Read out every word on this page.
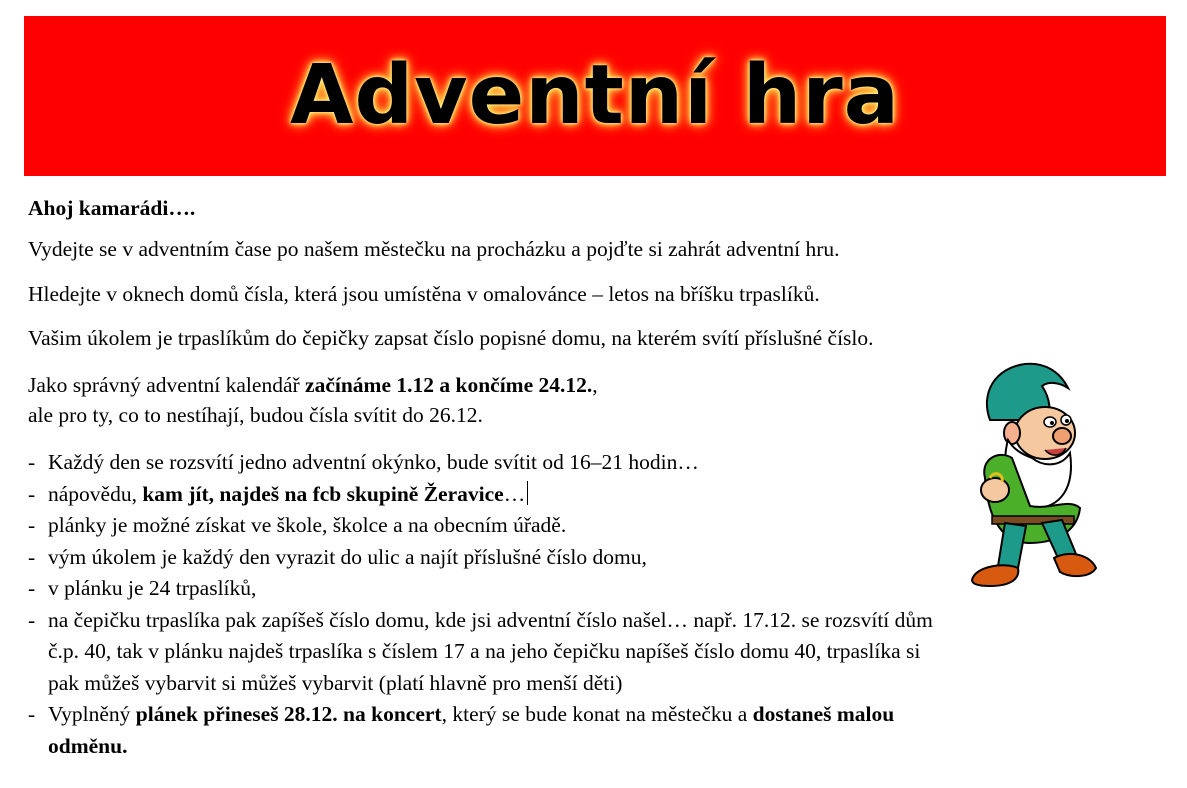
Adventní hra
Ahoj kamarádi….
Vydejte se v adventním čase po našem městečku na procházku a pojďte si zahrát adventní hru.
Hledejte v oknech domů čísla, která jsou umístěna v omalovánce – letos na bříšku trpaslíků.
Vašim úkolem je trpaslíkům do čepičky zapsat číslo popisné domu, na kterém svítí příslušné číslo.
Jako správný adventní kalendář začínáme 1.12 a končíme 24.12.,
ale pro ty, co to nestíhají, budou čísla svítit do 26.12.
- Každý den se rozsvítí jedno adventní okýnko, bude svítit od 16–21 hodin…
- nápovědu, kam jít, najdeš na fcb skupině Žeravice…
- plánky je možné získat ve škole, školce a na obecním úřadě.
- vým úkolem je každý den vyrazit do ulic a najít příslušné číslo domu,
- v plánku je 24 trpaslíků,
- na čepičku trpaslíka pak zapíšeš číslo domu, kde jsi adventní číslo našel… např. 17.12. se rozsvítí dům
č.p. 40, tak v plánku najdeš trpaslíka s číslem 17 a na jeho čepičku napíšeš číslo domu 40, trpaslíka si
pak můžeš vybarvit si můžeš vybarvit (platí hlavně pro menší děti)
- Vyplněný plánek přineseš 28.12. na koncert, který se bude konat na městečku a dostaneš malou
odměnu.
